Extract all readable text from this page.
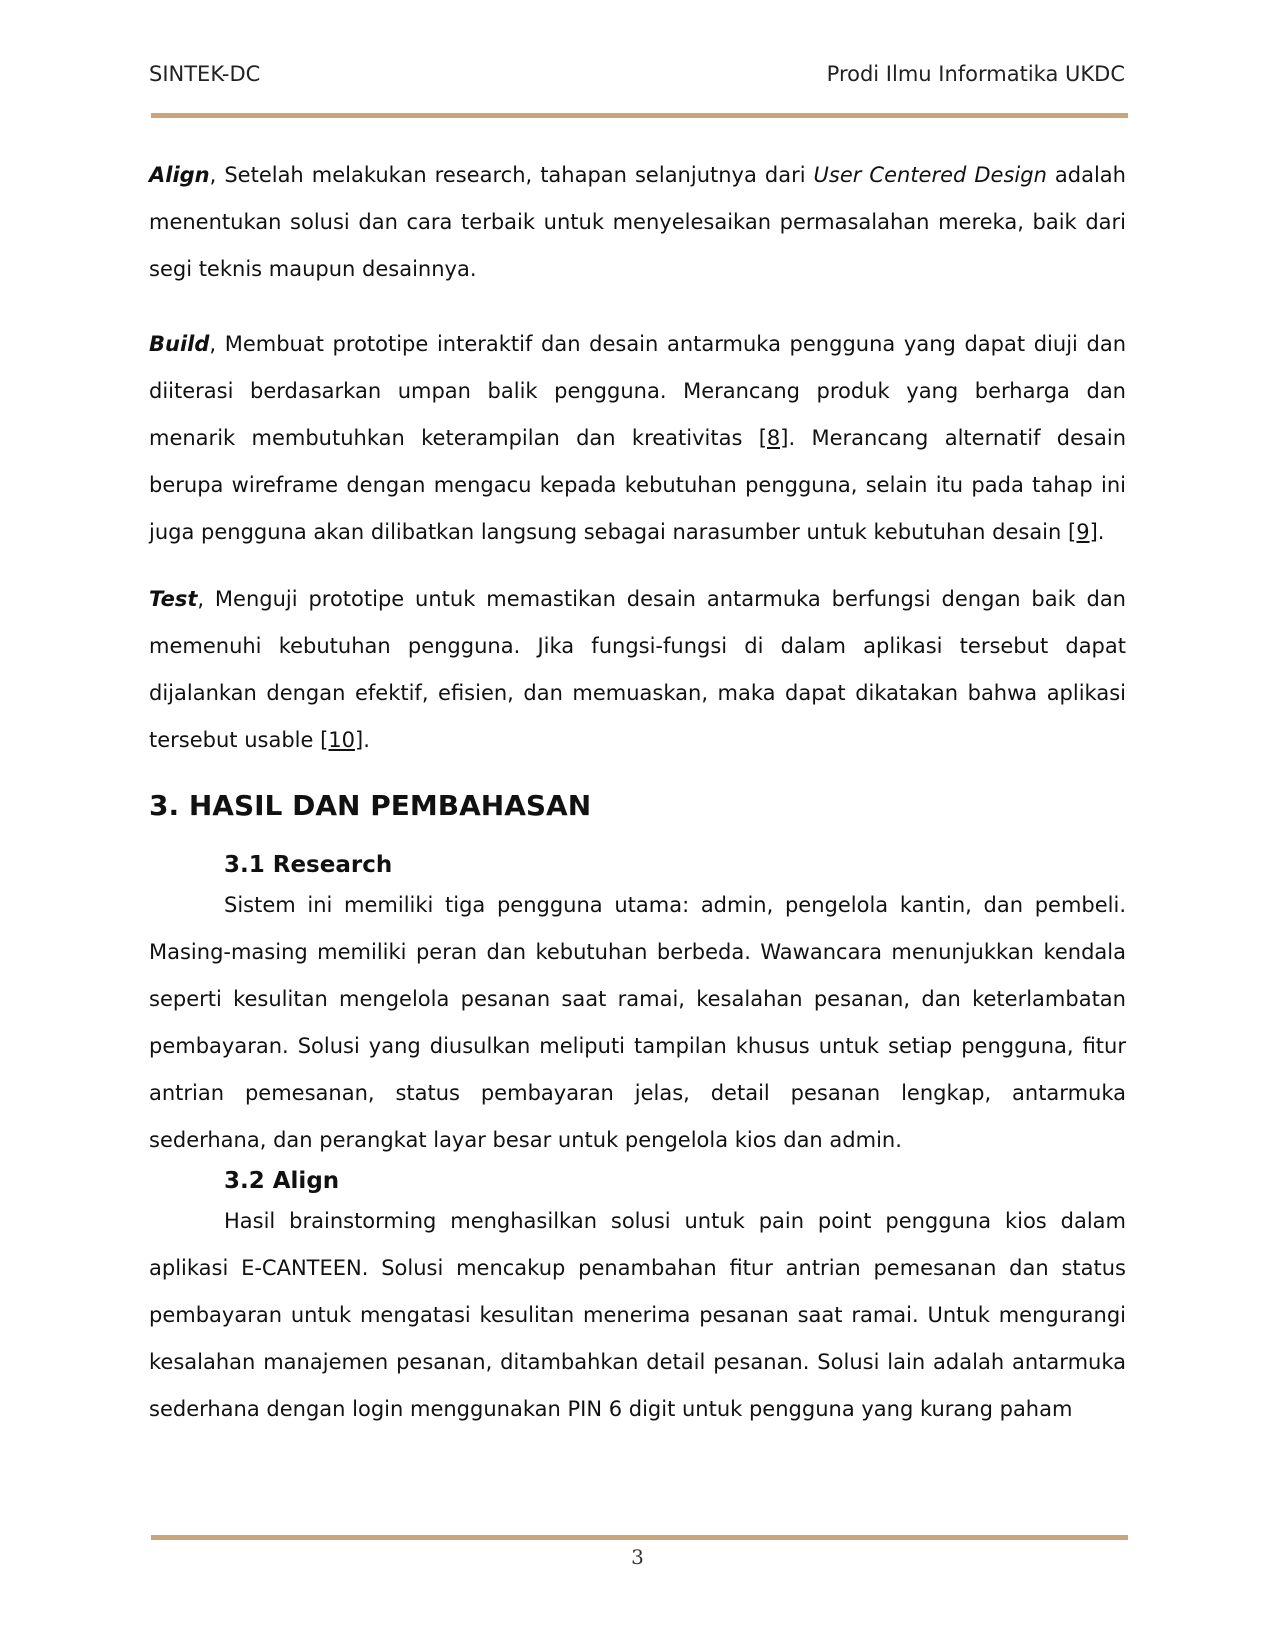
SINTEK-DC	Prodi Ilmu Informatika UKDC

Align, Setelah melakukan research, tahapan selanjutnya dari User Centered Design adalah menentukan solusi dan cara terbaik untuk menyelesaikan permasalahan mereka, baik dari segi teknis maupun desainnya.

Build, Membuat prototipe interaktif dan desain antarmuka pengguna yang dapat diuji dan diiterasi berdasarkan umpan balik pengguna. Merancang produk yang berharga dan menarik membutuhkan keterampilan dan kreativitas [8]. Merancang alternatif desain berupa wireframe dengan mengacu kepada kebutuhan pengguna, selain itu pada tahap ini juga pengguna akan dilibatkan langsung sebagai narasumber untuk kebutuhan desain [9].

Test, Menguji prototipe untuk memastikan desain antarmuka berfungsi dengan baik dan memenuhi kebutuhan pengguna. Jika fungsi-fungsi di dalam aplikasi tersebut dapat dijalankan dengan efektif, efisien, dan memuaskan, maka dapat dikatakan bahwa aplikasi tersebut usable [10].

3. HASIL DAN PEMBAHASAN
3.1 Research

Sistem ini memiliki tiga pengguna utama: admin, pengelola kantin, dan pembeli. Masing-masing memiliki peran dan kebutuhan berbeda. Wawancara menunjukkan kendala seperti kesulitan mengelola pesanan saat ramai, kesalahan pesanan, dan keterlambatan pembayaran. Solusi yang diusulkan meliputi tampilan khusus untuk setiap pengguna, fitur antrian pemesanan, status pembayaran jelas, detail pesanan lengkap, antarmuka sederhana, dan perangkat layar besar untuk pengelola kios dan admin.

3.2 Align

Hasil brainstorming menghasilkan solusi untuk pain point pengguna kios dalam aplikasi E-CANTEEN. Solusi mencakup penambahan fitur antrian pemesanan dan status pembayaran untuk mengatasi kesulitan menerima pesanan saat ramai. Untuk mengurangi kesalahan manajemen pesanan, ditambahkan detail pesanan. Solusi lain adalah antarmuka sederhana dengan login menggunakan PIN 6 digit untuk pengguna yang kurang paham

3
